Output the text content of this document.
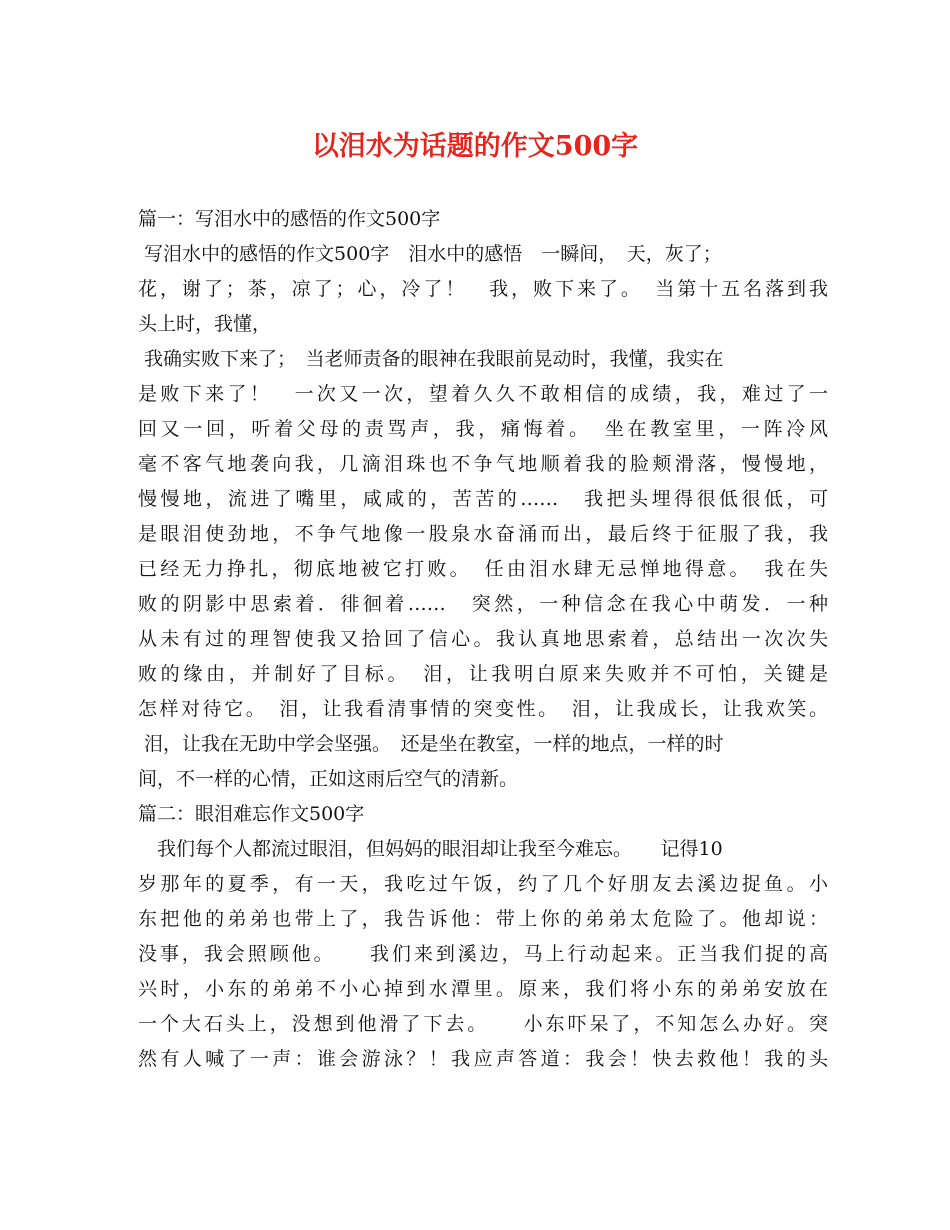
以泪水为话题的作文500字

篇一：写泪水中的感悟的作文500字

写泪水中的感悟的作文500字　泪水中的感悟　一瞬间，　天，灰了；

花，谢了；茶，凉了；心，冷了！　我，败下来了。　当第十五名落到我

头上时，我懂，

我确实败下来了；　当老师责备的眼神在我眼前晃动时，我懂，我实在

是败下来了！　一次又一次，望着久久不敢相信的成绩，我，难过了一

回又一回，听着父母的责骂声，我，痛悔着。　坐在教室里，一阵冷风

毫不客气地袭向我，几滴泪珠也不争气地顺着我的脸颊滑落，慢慢地，

慢慢地，流进了嘴里，咸咸的，苦苦的……　我把头埋得很低很低，可

是眼泪使劲地，不争气地像一股泉水奋涌而出，最后终于征服了我，我

已经无力挣扎，彻底地被它打败。　任由泪水肆无忌惮地得意。　我在失

败的阴影中思索着．徘徊着……　突然，一种信念在我心中萌发．一种

从未有过的理智使我又拾回了信心。我认真地思索着，总结出一次次失

败的缘由，并制好了目标。　泪，让我明白原来失败并不可怕，关键是

怎样对待它。　泪，让我看清事情的突变性。　泪，让我成长，让我欢笑。

泪，让我在无助中学会坚强。　还是坐在教室，一样的地点，一样的时

间，不一样的心情，正如这雨后空气的清新。

篇二：眼泪难忘作文500字

　我们每个人都流过眼泪，但妈妈的眼泪却让我至今难忘。　　记得10

岁那年的夏季，有一天，我吃过午饭，约了几个好朋友去溪边捉鱼。小

东把他的弟弟也带上了，我告诉他：带上你的弟弟太危险了。他却说：

没事，我会照顾他。　　我们来到溪边，马上行动起来。正当我们捉的高

兴时，小东的弟弟不小心掉到水潭里。原来，我们将小东的弟弟安放在

一个大石头上，没想到他滑了下去。　　小东吓呆了，不知怎么办好。突

然有人喊了一声：谁会游泳？！我应声答道：我会！快去救他！我的头
